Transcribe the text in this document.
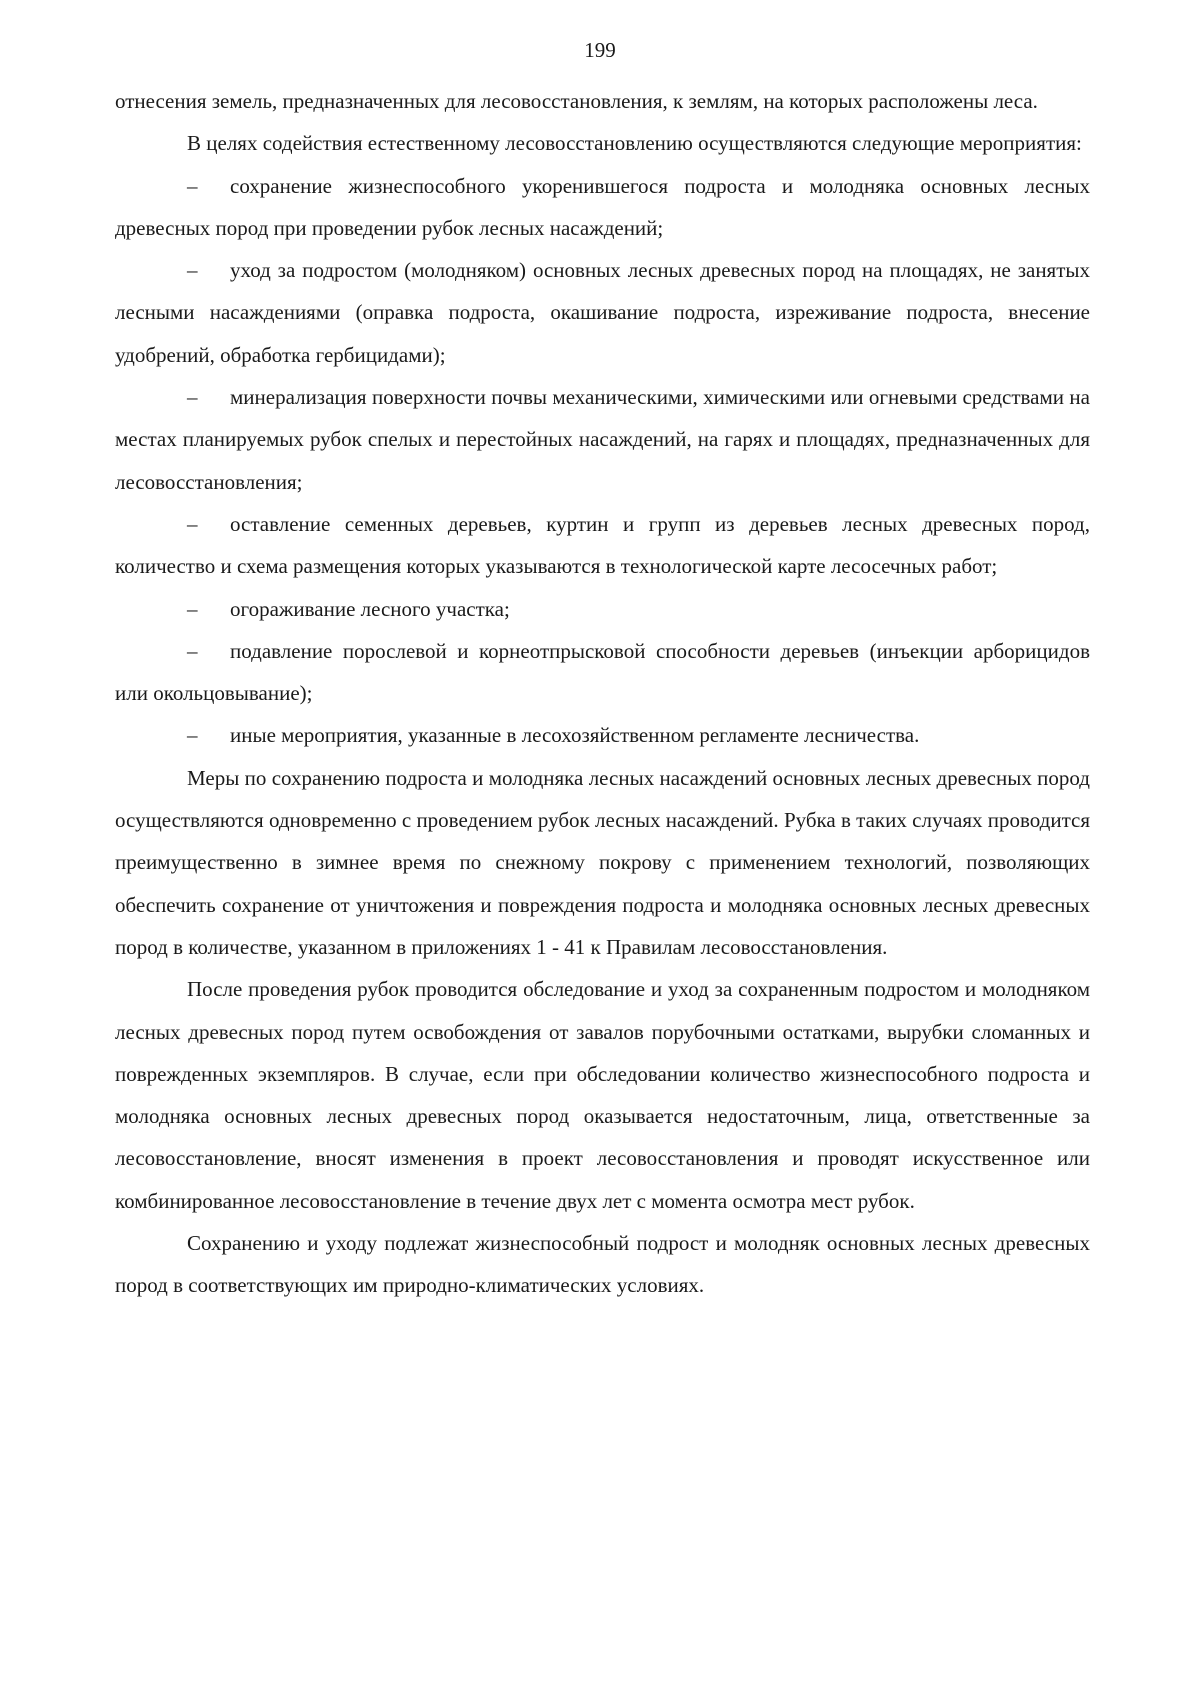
199

отнесения земель, предназначенных для лесовосстановления, к землям, на которых расположены леса.

В целях содействия естественному лесовосстановлению осуществляются следующие мероприятия:

– сохранение жизнеспособного укоренившегося подроста и молодняка основных лесных древесных пород при проведении рубок лесных насаждений;

– уход за подростом (молодняком) основных лесных древесных пород на площадях, не занятых лесными насаждениями (оправка подроста, окашивание подроста, изреживание подроста, внесение удобрений, обработка гербицидами);

– минерализация поверхности почвы механическими, химическими или огневыми средствами на местах планируемых рубок спелых и перестойных насаждений, на гарях и площадях, предназначенных для лесовосстановления;

– оставление семенных деревьев, куртин и групп из деревьев лесных древесных пород, количество и схема размещения которых указываются в технологической карте лесосечных работ;

– огораживание лесного участка;

– подавление порослевой и корнеотпрысковой способности деревьев (инъекции арборицидов или окольцовывание);

– иные мероприятия, указанные в лесохозяйственном регламенте лесничества.

Меры по сохранению подроста и молодняка лесных насаждений основных лесных древесных пород осуществляются одновременно с проведением рубок лесных насаждений. Рубка в таких случаях проводится преимущественно в зимнее время по снежному покрову с применением технологий, позволяющих обеспечить сохранение от уничтожения и повреждения подроста и молодняка основных лесных древесных пород в количестве, указанном в приложениях 1 - 41 к Правилам лесовосстановления.

После проведения рубок проводится обследование и уход за сохраненным подростом и молодняком лесных древесных пород путем освобождения от завалов порубочными остатками, вырубки сломанных и поврежденных экземпляров. В случае, если при обследовании количество жизнеспособного подроста и молодняка основных лесных древесных пород оказывается недостаточным, лица, ответственные за лесовосстановление, вносят изменения в проект лесовосстановления и проводят искусственное или комбинированное лесовосстановление в течение двух лет с момента осмотра мест рубок.

Сохранению и уходу подлежат жизнеспособный подрост и молодняк основных лесных древесных пород в соответствующих им природно-климатических условиях.
